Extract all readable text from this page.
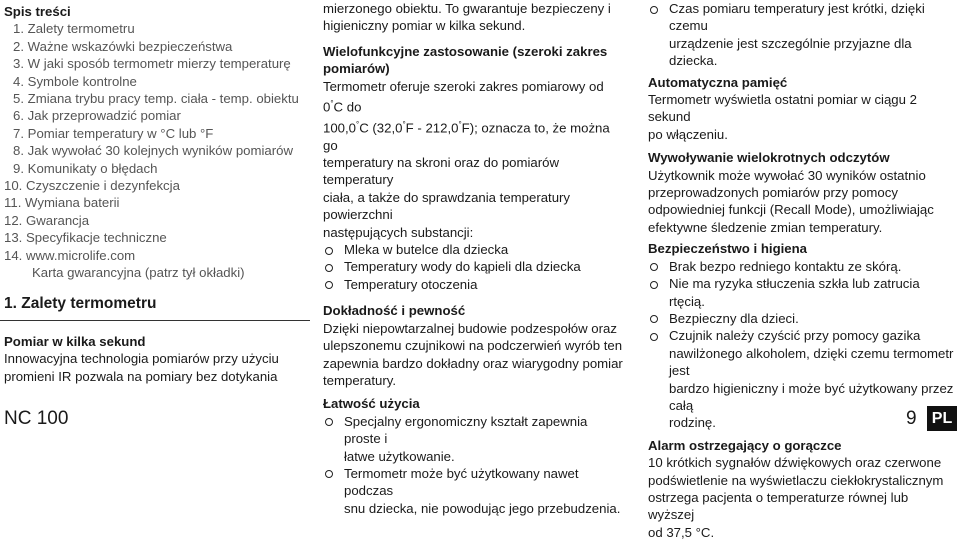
Spis treści
1. Zalety termometru
2. Ważne wskazówki bezpieczeństwa
3. W jaki sposób termometr mierzy temperaturę
4. Symbole kontrolne
5. Zmiana trybu pracy temp. ciała - temp. obiektu
6. Jak przeprowadzić pomiar
7. Pomiar temperatury w °C lub °F
8. Jak wywołać 30 kolejnych wyników pomiarów
9. Komunikaty o błędach
10. Czyszczenie i dezynfekcja
11. Wymiana baterii
12. Gwarancja
13. Specyfikacje techniczne
14. www.microlife.com
Karta gwarancyjna (patrz tył okładki)
1. Zalety termometru
Pomiar w kilka sekund

Innowacyjna technologia pomiarów przy użyciu

promieni IR pozwala na pomiary bez dotykania

mierzonego obiektu. To gwarantuje bezpieczeny i

higieniczny pomiar w kilka sekund.

Wielofunkcyjne zastosowanie (szeroki zakres

pomiarów)

Termometr oferuje szeroki zakres pomiarowy od 0°C do

100,0°C (32,0°F - 212,0°F); oznacza to, że można go

temperatury na skroni oraz do pomiarów temperatury

ciała, a także do sprawdzania temperatury powierzchni

następujących substancji:

Mleka w butelce dla dziecka
Temperatury wody do kąpieli dla dziecka
Temperatury otoczenia
Dokładność i pewność

Dzięki niepowtarzalnej budowie podzespołów oraz

ulepszonemu czujnikowi na podczerwień wyrób ten

zapewnia bardzo dokładny oraz wiarygodny pomiar

temperatury.

Łatwość użycia
Specjalny ergonomiczny kształt zapewnia proste i
łatwe użytkowanie.
Termometr może być użytkowany nawet podczas
snu dziecka, nie powodując jego przebudzenia.
Czas pomiaru temperatury jest krótki, dzięki czemu
urządzenie jest szczególnie przyjazne dla dziecka.
Automatyczna pamięć

Termometr wyświetla ostatni pomiar w ciągu 2 sekund

po włączeniu.

Wywoływanie wielokrotnych odczytów

Użytkownik może wywołać 30 wyników ostatnio

przeprowadzonych pomiarów przy pomocy

odpowiedniej funkcji (Recall Mode), umożliwiając

efektywne śledzenie zmian temperatury.

Bezpieczeństwo i higiena
Brak bezpo redniego kontaktu ze skórą.
Nie ma ryzyka stłuczenia szkła lub zatrucia rtęcią.
Bezpieczny dla dzieci.
Czujnik należy czyścić przy pomocy gazika
nawilżonego alkoholem, dzięki czemu termometr jest
bardzo higieniczny i może być użytkowany przez całą
rodzinę.
Alarm ostrzegający o gorączce

10 krótkich sygnałów dźwiękowych oraz czerwone

podświetlenie na wyświetlaczu ciekłokrystalicznym

ostrzega pacjenta o temperaturze równej lub wyższej

od 37,5 °C.

NC 100	9 PL
